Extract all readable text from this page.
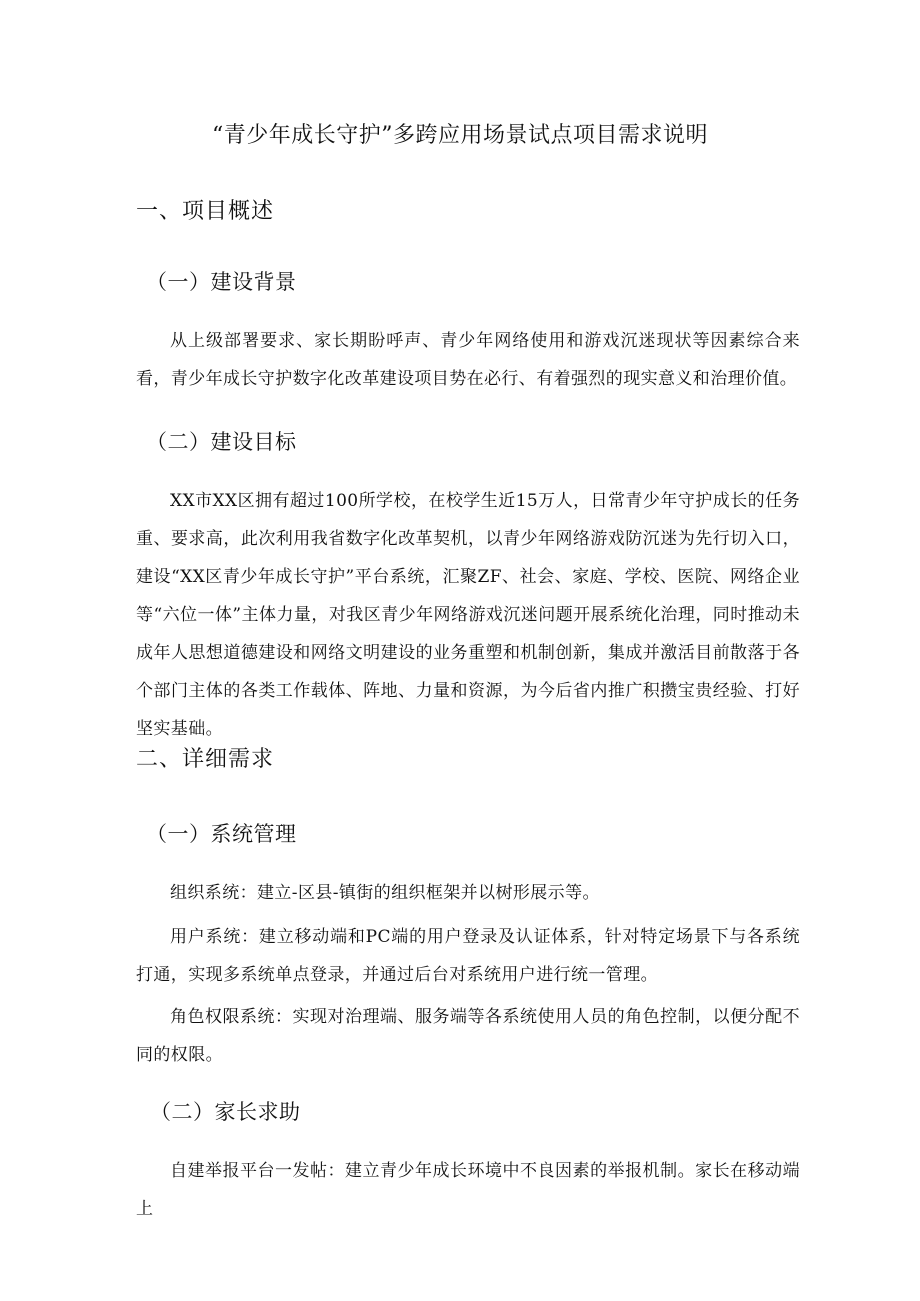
“青少年成长守护”多跨应用场景试点项目需求说明
一、项目概述
（一）建设背景
从上级部署要求、家长期盼呼声、青少年网络使用和游戏沉迷现状等因素综合来看，青少年成长守护数字化改革建设项目势在必行、有着强烈的现实意义和治理价值。
（二）建设目标
XX市XX区拥有超过100所学校，在校学生近15万人，日常青少年守护成长的任务重、要求高，此次利用我省数字化改革契机，以青少年网络游戏防沉迷为先行切入口，建设“XX区青少年成长守护”平台系统，汇聚ZF、社会、家庭、学校、医院、网络企业等“六位一体”主体力量，对我区青少年网络游戏沉迷问题开展系统化治理，同时推动未成年人思想道德建设和网络文明建设的业务重塑和机制创新，集成并激活目前散落于各个部门主体的各类工作载体、阵地、力量和资源，为今后省内推广积攒宝贵经验、打好坚实基础。
二、详细需求
（一）系统管理
组织系统：建立-区县-镇街的组织框架并以树形展示等。
用户系统：建立移动端和PC端的用户登录及认证体系，针对特定场景下与各系统打通，实现多系统单点登录，并通过后台对系统用户进行统一管理。
角色权限系统：实现对治理端、服务端等各系统使用人员的角色控制，以便分配不同的权限。
（二）家长求助
自建举报平台一发帖：建立青少年成长环境中不良因素的举报机制。家长在移动端上
